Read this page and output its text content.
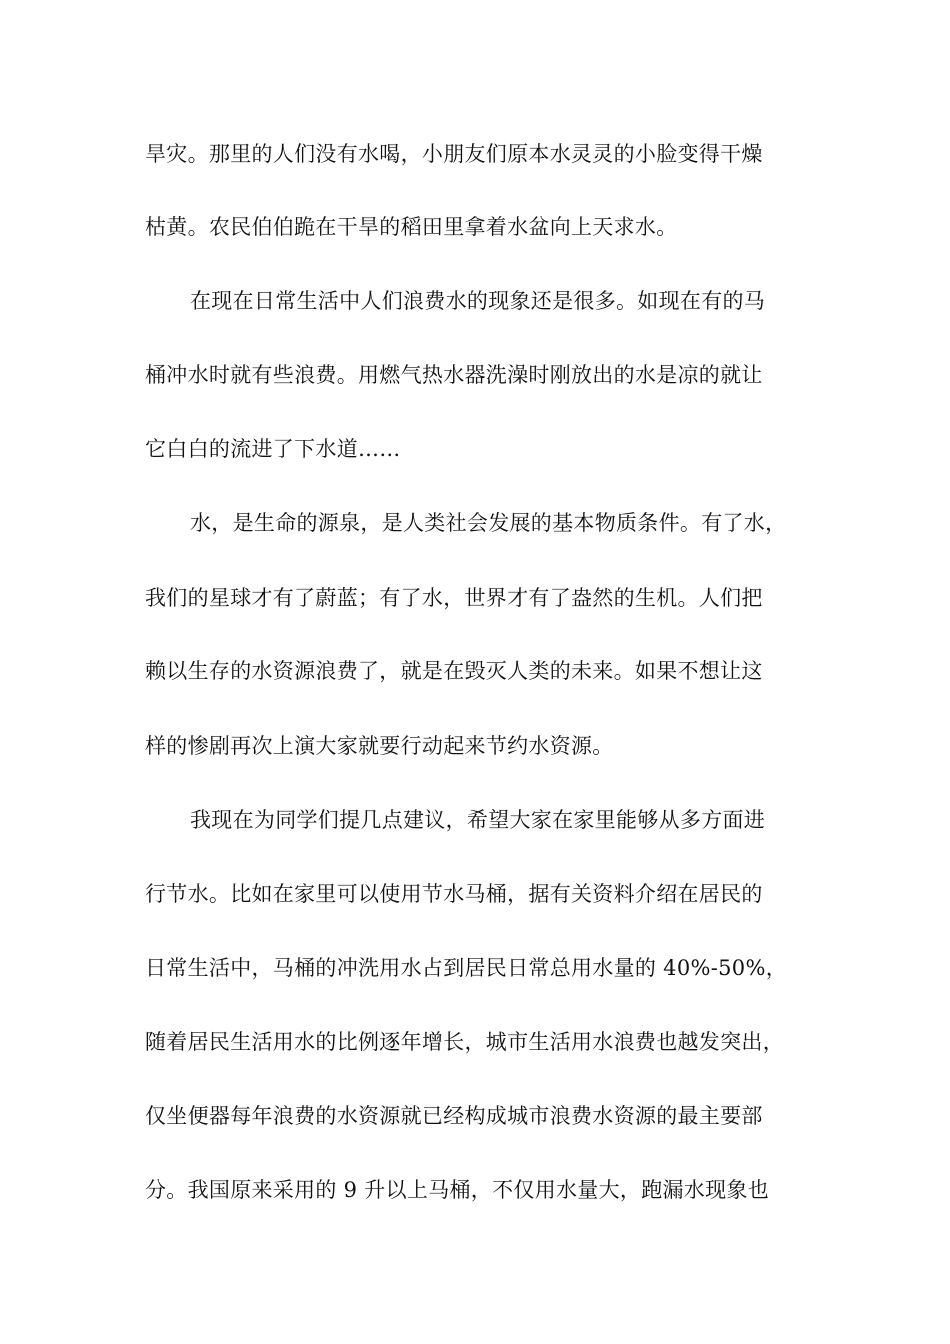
旱灾。那里的人们没有水喝，小朋友们原本水灵灵的小脸变得干燥
枯黄。农民伯伯跪在干旱的稻田里拿着水盆向上天求水。
在现在日常生活中人们浪费水的现象还是很多。如现在有的马
桶冲水时就有些浪费。用燃气热水器洗澡时刚放出的水是凉的就让
它白白的流进了下水道……
水，是生命的源泉，是人类社会发展的基本物质条件。有了水，
我们的星球才有了蔚蓝；有了水，世界才有了盎然的生机。人们把
赖以生存的水资源浪费了，就是在毁灭人类的未来。如果不想让这
样的惨剧再次上演大家就要行动起来节约水资源。
我现在为同学们提几点建议，希望大家在家里能够从多方面进
行节水。比如在家里可以使用节水马桶，据有关资料介绍在居民的
日常生活中，马桶的冲洗用水占到居民日常总用水量的 40%-50%，
随着居民生活用水的比例逐年增长，城市生活用水浪费也越发突出，
仅坐便器每年浪费的水资源就已经构成城市浪费水资源的最主要部
分。我国原来采用的 9 升以上马桶，不仅用水量大，跑漏水现象也
